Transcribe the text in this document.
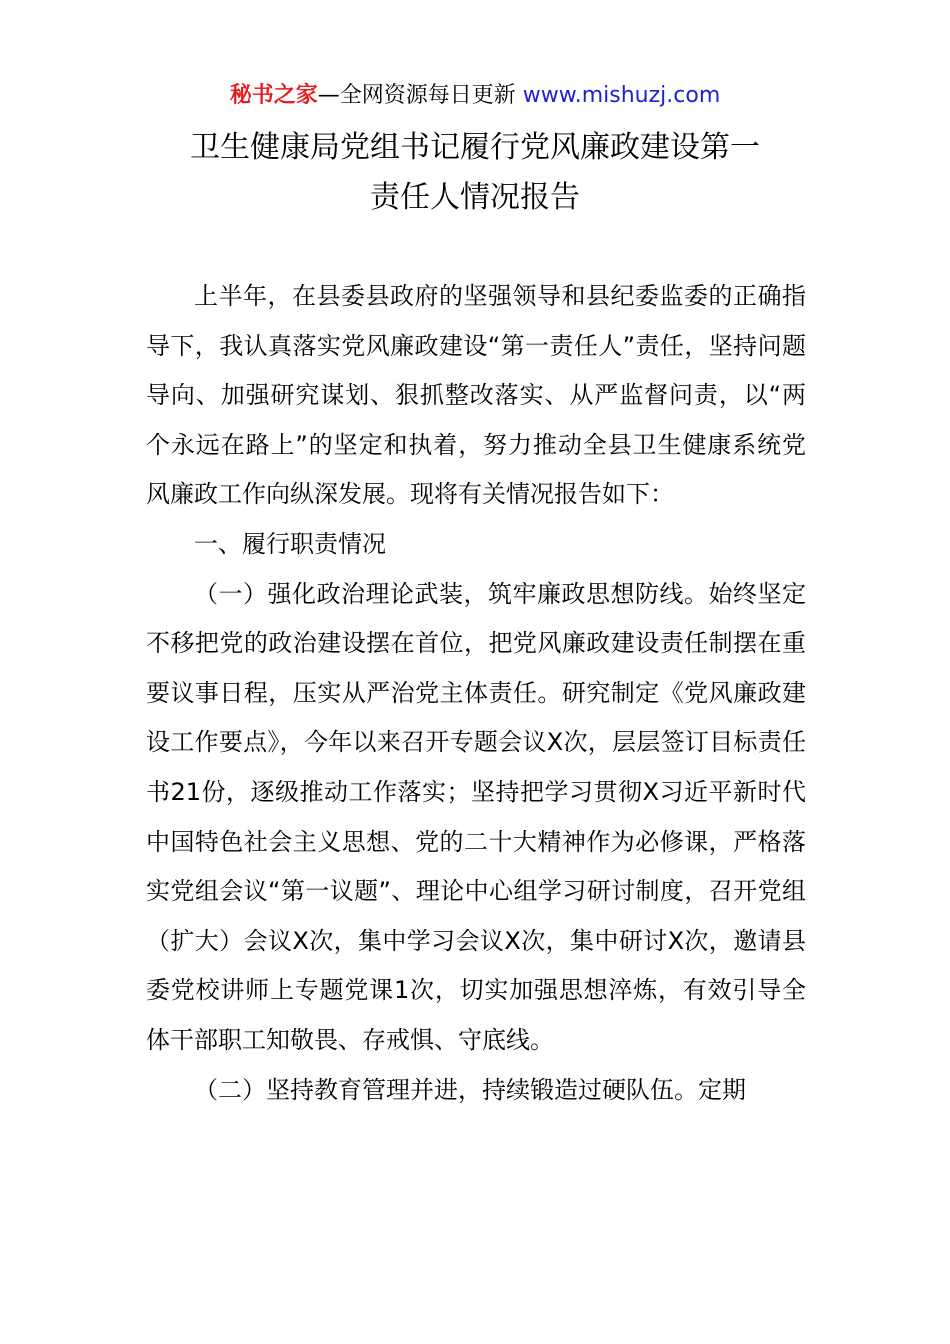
秘书之家—全网资源每日更新 www.mishuzj.com
卫生健康局党组书记履行党风廉政建设第一
责任人情况报告

上半年，在县委县政府的坚强领导和县纪委监委的正确指导下，我认真落实党风廉政建设“第一责任人”责任，坚持问题导向、加强研究谋划、狠抓整改落实、从严监督问责，以“两个永远在路上”的坚定和执着，努力推动全县卫生健康系统党风廉政工作向纵深发展。现将有关情况报告如下：

一、履行职责情况

（一）强化政治理论武装，筑牢廉政思想防线。始终坚定不移把党的政治建设摆在首位，把党风廉政建设责任制摆在重要议事日程，压实从严治党主体责任。研究制定《党风廉政建设工作要点》，今年以来召开专题会议X次，层层签订目标责任书21份，逐级推动工作落实；坚持把学习贯彻X习近平新时代中国特色社会主义思想、党的二十大精神作为必修课，严格落实党组会议“第一议题”、理论中心组学习研讨制度，召开党组（扩大）会议X次，集中学习会议X次，集中研讨X次，邀请县委党校讲师上专题党课1次，切实加强思想淬炼，有效引导全体干部职工知敬畏、存戒惧、守底线。

（二）坚持教育管理并进，持续锻造过硬队伍。定期
